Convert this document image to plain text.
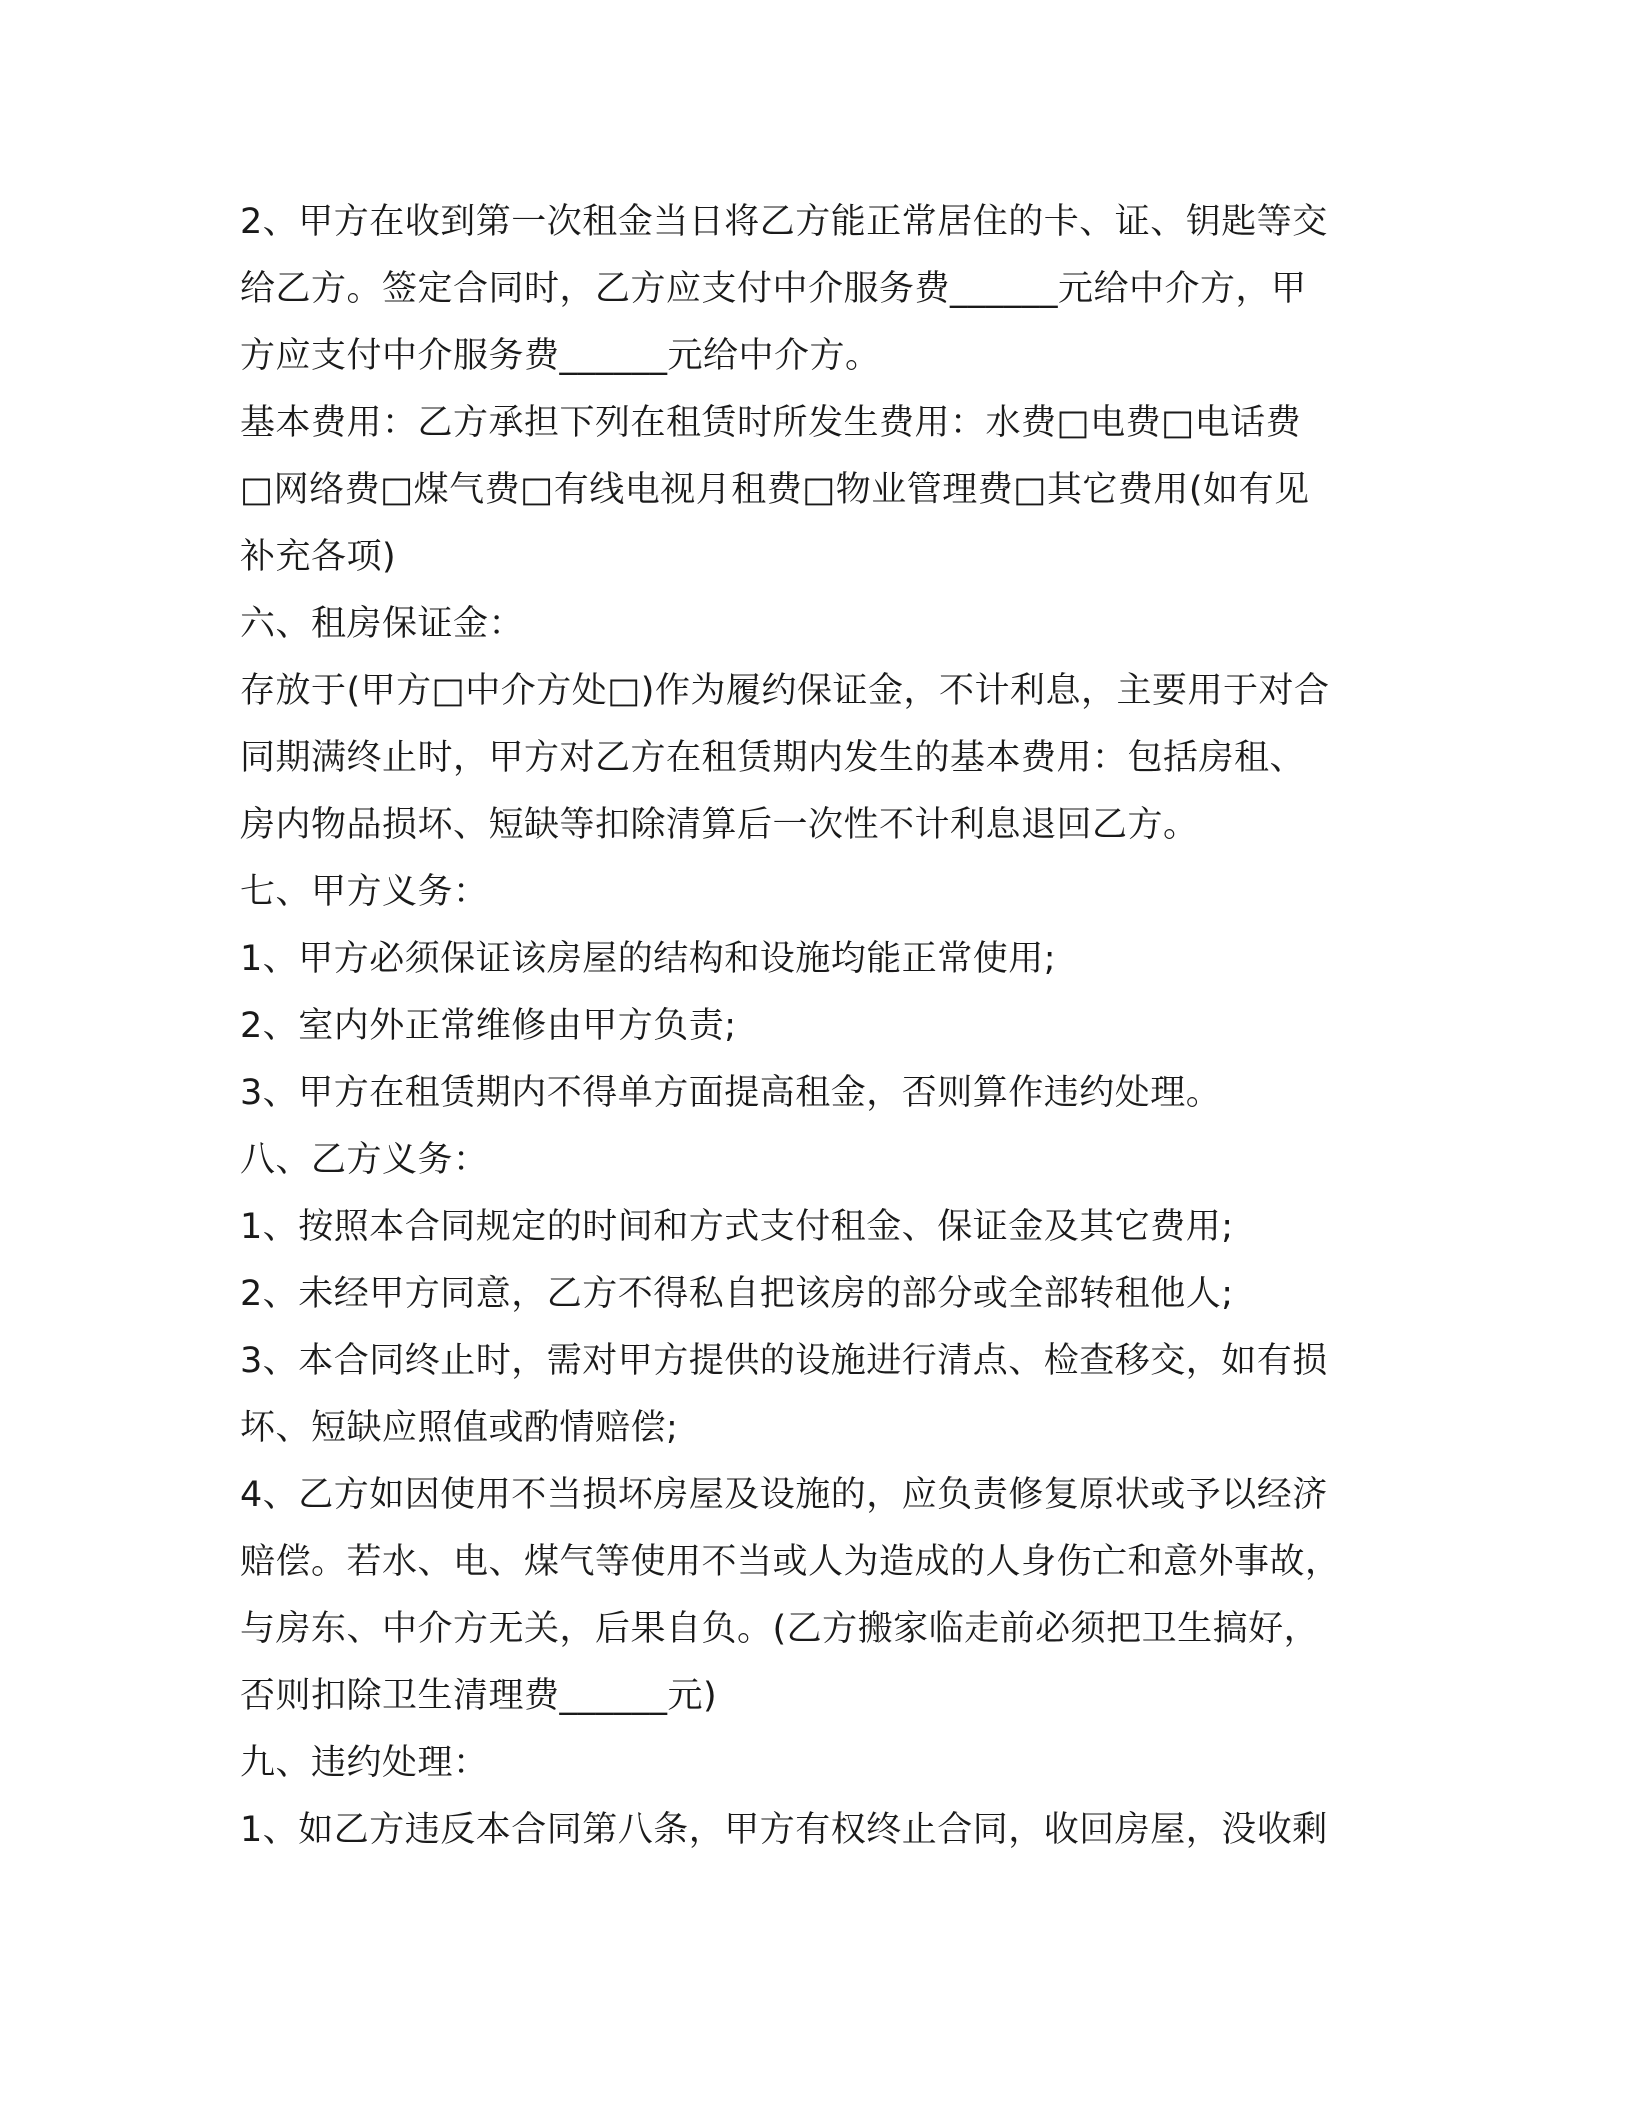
2、甲方在收到第一次租金当日将乙方能正常居住的卡、证、钥匙等交
给乙方。签定合同时，乙方应支付中介服务费______元给中介方，甲
方应支付中介服务费______元给中介方。
基本费用：乙方承担下列在租赁时所发生费用：水费□电费□电话费
□网络费□煤气费□有线电视月租费□物业管理费□其它费用(如有见
补充各项)
六、租房保证金：
存放于(甲方□中介方处□)作为履约保证金，不计利息，主要用于对合
同期满终止时，甲方对乙方在租赁期内发生的基本费用：包括房租、
房内物品损坏、短缺等扣除清算后一次性不计利息退回乙方。
七、甲方义务：
1、甲方必须保证该房屋的结构和设施均能正常使用;
2、室内外正常维修由甲方负责;
3、甲方在租赁期内不得单方面提高租金，否则算作违约处理。
八、乙方义务：
1、按照本合同规定的时间和方式支付租金、保证金及其它费用;
2、未经甲方同意，乙方不得私自把该房的部分或全部转租他人;
3、本合同终止时，需对甲方提供的设施进行清点、检查移交，如有损
坏、短缺应照值或酌情赔偿;
4、乙方如因使用不当损坏房屋及设施的，应负责修复原状或予以经济
赔偿。若水、电、煤气等使用不当或人为造成的人身伤亡和意外事故，
与房东、中介方无关，后果自负。(乙方搬家临走前必须把卫生搞好，
否则扣除卫生清理费______元)
九、违约处理：
1、如乙方违反本合同第八条，甲方有权终止合同，收回房屋，没收剩
